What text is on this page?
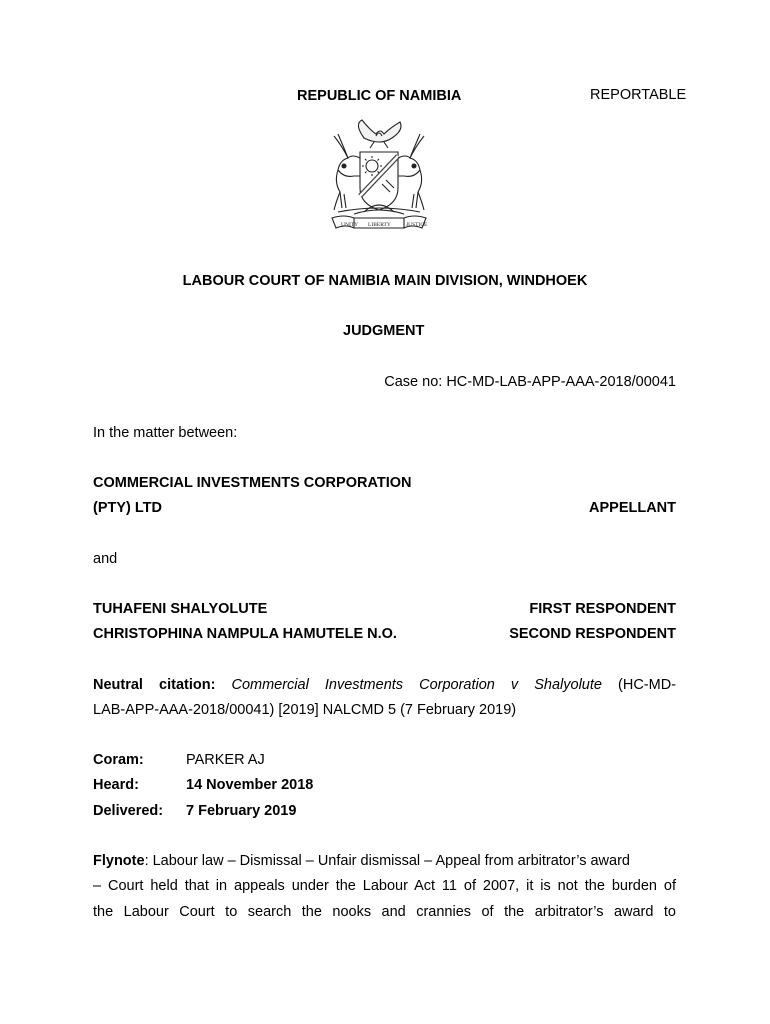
REPUBLIC OF NAMIBIA	REPORTABLE
UNITY LIBERTY	JUSTICE
LABOUR COURT OF NAMIBIA MAIN DIVISION, WINDHOEK
JUDGMENT
Case no: HC-MD-LAB-APP-AAA-2018/00041
In the matter between:
COMMERCIAL INVESTMENTS CORPORATION
(PTY) LTD	APPELLANT
and
TUHAFENI SHALYOLUTE	FIRST RESPONDENT
CHRISTOPHINA NAMPULA HAMUTELE N.O.	SECOND RESPONDENT
Neutral citation: Commercial Investments Corporation v Shalyolute (HC-MD-
LAB-APP-AAA-2018/00041) [2019] NALCMD 5 (7 February 2019)
Coram:	PARKER AJ
Heard:	14 November 2018
Delivered: 7 February 2019
Flynote: Labour law – Dismissal – Unfair dismissal – Appeal from arbitrator’s award
– Court held that in appeals under the Labour Act 11 of 2007, it is not the burden of
the Labour Court to search the nooks and crannies of the arbitrator’s award to
